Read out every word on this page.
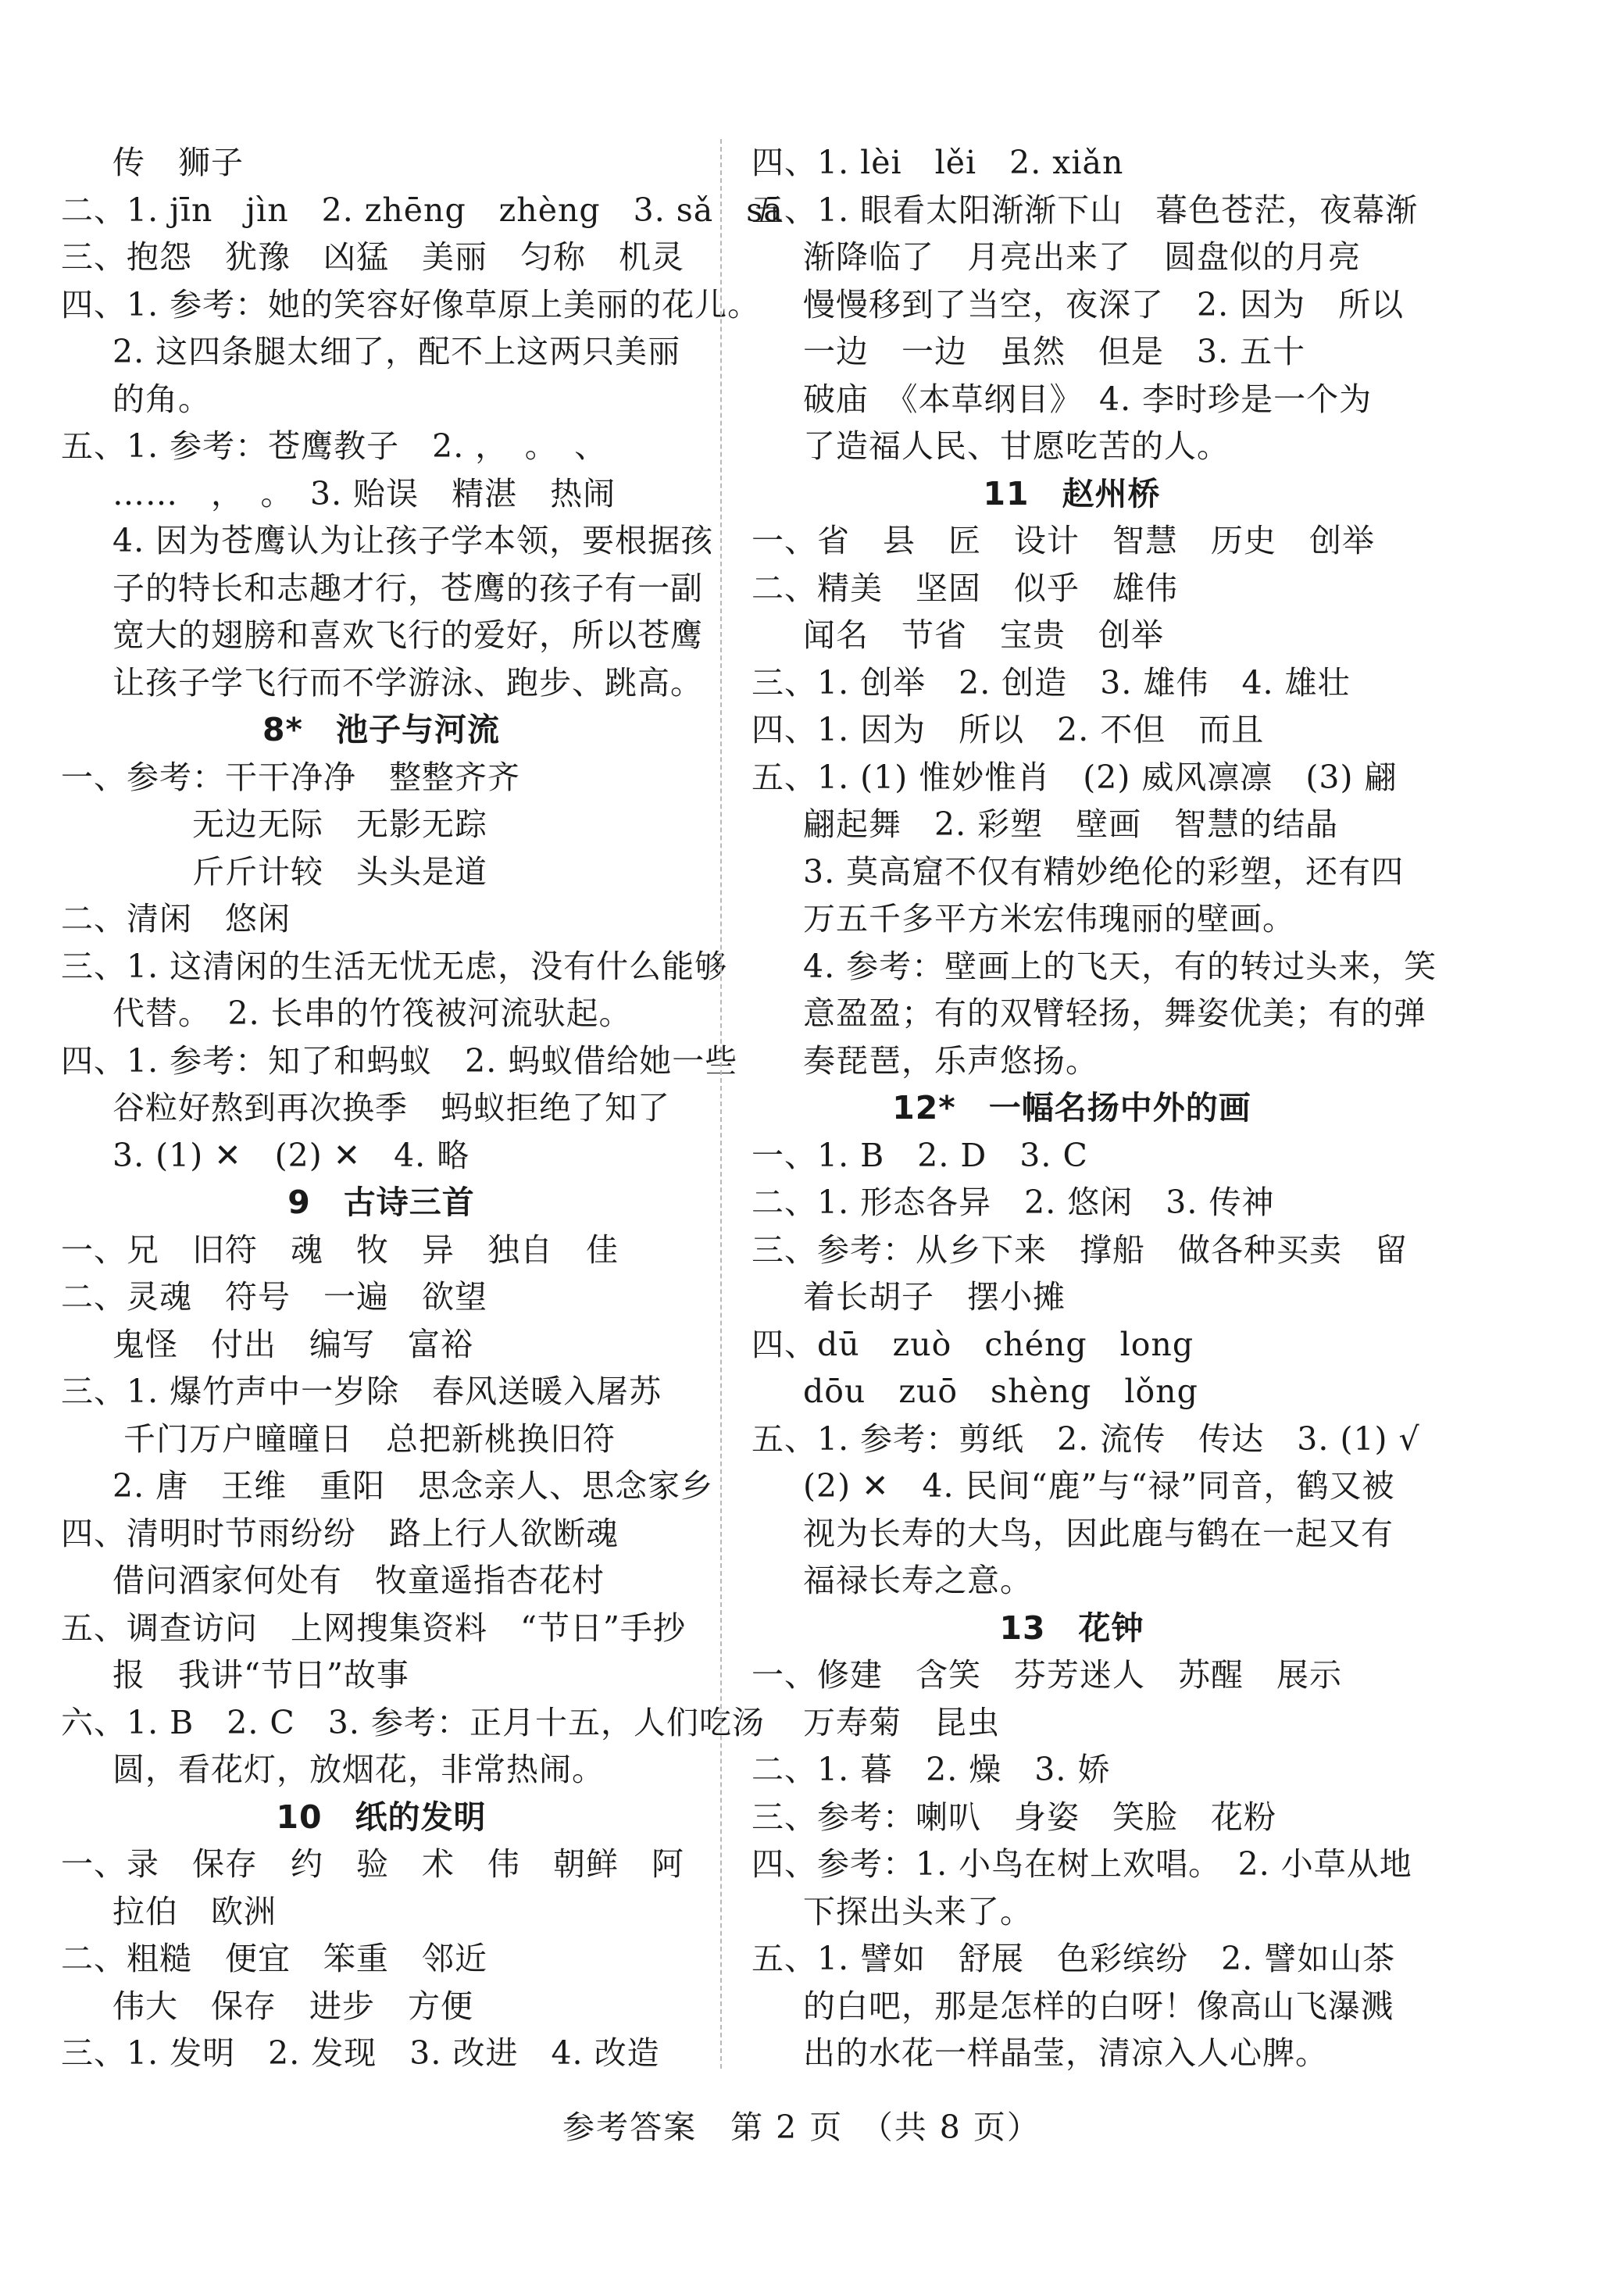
传　狮子
二、1. jīn　jìn　2. zhēng　zhèng　3. sǎ　sā
三、抱怨　犹豫　凶猛　美丽　匀称　机灵
四、1. 参考：她的笑容好像草原上美丽的花儿。
2. 这四条腿太细了，配不上这两只美丽
的角。
五、1. 参考：苍鹰教子　2. ，　。　、
……　，　。　3. 贻误　精湛　热闹
4. 因为苍鹰认为让孩子学本领，要根据孩
子的特长和志趣才行，苍鹰的孩子有一副
宽大的翅膀和喜欢飞行的爱好，所以苍鹰
让孩子学飞行而不学游泳、跑步、跳高。
8*　池子与河流
一、参考：干干净净　整整齐齐
无边无际　无影无踪
斤斤计较　头头是道
二、清闲　悠闲
三、1. 这清闲的生活无忧无虑，没有什么能够
代替。　2. 长串的竹筏被河流驮起。
四、1. 参考：知了和蚂蚁　2. 蚂蚁借给她一些
谷粒好熬到再次换季　蚂蚁拒绝了知了
3. (1) ✕　(2) ✕　4. 略
9　古诗三首
一、兄　旧符　魂　牧　异　独自　佳
二、灵魂　符号　一遍　欲望
鬼怪　付出　编写　富裕
三、1. 爆竹声中一岁除　春风送暖入屠苏
千门万户曈曈日　总把新桃换旧符
2. 唐　王维　重阳　思念亲人、思念家乡
四、清明时节雨纷纷　路上行人欲断魂
借问酒家何处有　牧童遥指杏花村
五、调查访问　上网搜集资料　“节日”手抄
报　我讲“节日”故事
六、1. B　2. C　3. 参考：正月十五，人们吃汤
圆，看花灯，放烟花，非常热闹。
10　纸的发明
一、录　保存　约　验　术　伟　朝鲜　阿
拉伯　欧洲
二、粗糙　便宜　笨重　邻近
伟大　保存　进步　方便
三、1. 发明　2. 发现　3. 改进　4. 改造
四、1. lèi　lěi　2. xiǎn
五、1. 眼看太阳渐渐下山　暮色苍茫，夜幕渐
渐降临了　月亮出来了　圆盘似的月亮
慢慢移到了当空，夜深了　2. 因为　所以
一边　一边　虽然　但是　3. 五十
破庙　《本草纲目》　4. 李时珍是一个为
了造福人民、甘愿吃苦的人。
11　赵州桥
一、省　县　匠　设计　智慧　历史　创举
二、精美　坚固　似乎　雄伟
闻名　节省　宝贵　创举
三、1. 创举　2. 创造　3. 雄伟　4. 雄壮
四、1. 因为　所以　2. 不但　而且
五、1. (1) 惟妙惟肖　(2) 威风凛凛　(3) 翩
翩起舞　2. 彩塑　壁画　智慧的结晶
3. 莫高窟不仅有精妙绝伦的彩塑，还有四
万五千多平方米宏伟瑰丽的壁画。
4. 参考：壁画上的飞天，有的转过头来，笑
意盈盈；有的双臂轻扬，舞姿优美；有的弹
奏琵琶，乐声悠扬。
12*　一幅名扬中外的画
一、1. B　2. D　3. C
二、1. 形态各异　2. 悠闲　3. 传神
三、参考：从乡下来　撑船　做各种买卖　留
着长胡子　摆小摊
四、dū　zuò　chéng　long
dōu　zuō　shèng　lǒng
五、1. 参考：剪纸　2. 流传　传达　3. (1) √
(2) ✕　4. 民间“鹿”与“禄”同音，鹤又被
视为长寿的大鸟，因此鹿与鹤在一起又有
福禄长寿之意。
13　花钟
一、修建　含笑　芬芳迷人　苏醒　展示
万寿菊　昆虫
二、1. 暮　2. 燥　3. 娇
三、参考：喇叭　身姿　笑脸　花粉
四、参考：1. 小鸟在树上欢唱。　2. 小草从地
下探出头来了。
五、1. 譬如　舒展　色彩缤纷　2. 譬如山茶
的白吧，那是怎样的白呀！像高山飞瀑溅
出的水花一样晶莹，清凉入人心脾。
参考答案　第 2 页　（共 8 页）
